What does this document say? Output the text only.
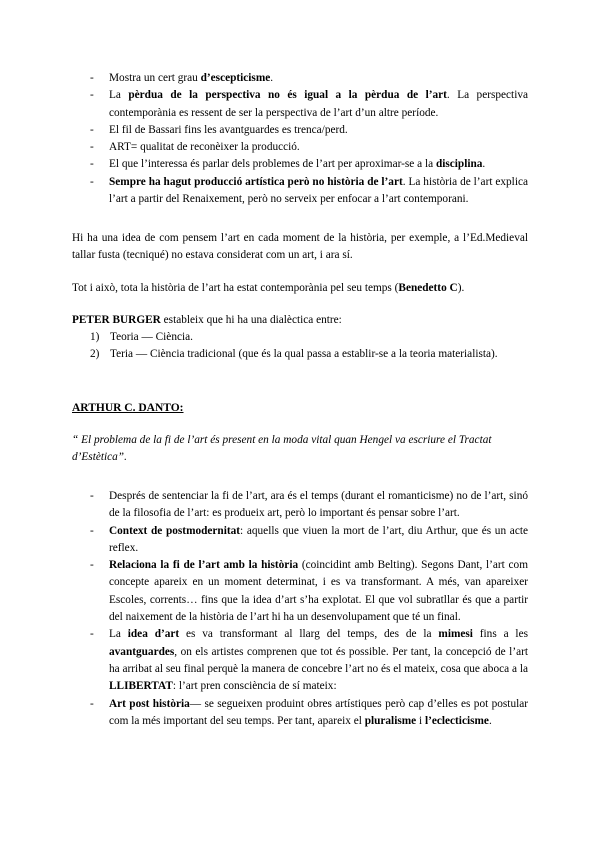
- Mostra un cert grau d’escepticisme.
- La pèrdua de la perspectiva no és igual a la pèrdua de l’art. La perspectiva contemporània es ressent de ser la perspectiva de l’art d’un altre període.
- El fil de Bassari fins les avantguardes es trenca/perd.
- ART= qualitat de reconèixer la producció.
- El que l’interessa és parlar dels problemes de l’art per aproximar-se a la disciplina.
- Sempre ha hagut producció artística però no història de l’art. La història de l’art explica l’art a partir del Renaixement, però no serveix per enfocar a l’art contemporani.
Hi ha una idea de com pensem l’art en cada moment de la història, per exemple, a l’Ed.Medieval tallar fusta (tecniqué) no estava considerat com un art, i ara sí.
Tot i això, tota la història de l’art ha estat contemporània pel seu temps (Benedetto C).
PETER BURGER estableix que hi ha una dialèctica entre:
1) Teoria — Ciència.
2) Teria — Ciència tradicional (que és la qual passa a establir-se a la teoria materialista).
ARTHUR C. DANTO:
“ El problema de la fi de l’art és present en la moda vital quan Hengel va escriure el Tractat d’Estètica”.
- Després de sentenciar la fi de l’art, ara és el temps (durant el romanticisme) no de l’art, sinó de la filosofia de l’art: es produeix art, però lo important és pensar sobre l’art.
- Context de postmodernitat: aquells que viuen la mort de l’art, diu Arthur, que és un acte reflex.
- Relaciona la fi de l’art amb la història (coincidint amb Belting). Segons Dant, l’art com concepte apareix en un moment determinat, i es va transformant. A més, van apareixer Escoles, corrents… fins que la idea d’art s’ha explotat. El que vol subratllar és que a partir del naixement de la història de l’art hi ha un desenvolupament que té un final.
- La idea d’art es va transformant al llarg del temps, des de la mimesi fins a les avantguardes, on els artistes comprenen que tot és possible. Per tant, la concepció de l’art ha arribat al seu final perquè la manera de concebre l’art no és el mateix, cosa que aboca a la LLIBERTAT: l’art pren consciència de sí mateix:
- Art post història— se segueixen produint obres artístiques però cap d’elles es pot postular com la més important del seu temps. Per tant, apareix el pluralisme i l’eclecticisme.
